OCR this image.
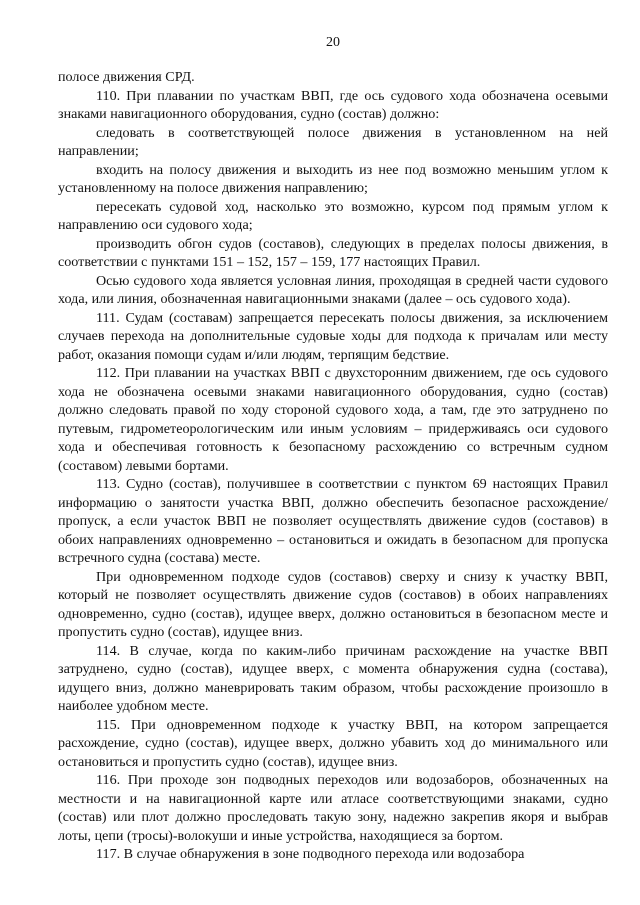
20

полосе движения СРД.

110. При плавании по участкам ВВП, где ось судового хода обозначена осевыми знаками навигационного оборудования, судно (состав) должно:

следовать в соответствующей полосе движения в установленном на ней направлении;

входить на полосу движения и выходить из нее под возможно меньшим углом к установленному на полосе движения направлению;

пересекать судовой ход, насколько это возможно, курсом под прямым углом к направлению оси судового хода;

производить обгон судов (составов), следующих в пределах полосы движения, в соответствии с пунктами 151 – 152, 157 – 159, 177 настоящих Правил.

Осью судового хода является условная линия, проходящая в средней части судового хода, или линия, обозначенная навигационными знаками (далее – ось судового хода).

111. Судам (составам) запрещается пересекать полосы движения, за исключением случаев перехода на дополнительные судовые ходы для подхода к причалам или месту работ, оказания помощи судам и/или людям, терпящим бедствие.

112. При плавании на участках ВВП с двухсторонним движением, где ось судового хода не обозначена осевыми знаками навигационного оборудования, судно (состав) должно следовать правой по ходу стороной судового хода, а там, где это затруднено по путевым, гидрометеорологическим или иным условиям – придерживаясь оси судового хода и обеспечивая готовность к безопасному расхождению со встречным судном (составом) левыми бортами.

113. Судно (состав), получившее в соответствии с пунктом 69 настоящих Правил информацию о занятости участка ВВП, должно обеспечить безопасное расхождение/пропуск, а если участок ВВП не позволяет осуществлять движение судов (составов) в обоих направлениях одновременно – остановиться и ожидать в безопасном для пропуска встречного судна (состава) месте.

При одновременном подходе судов (составов) сверху и снизу к участку ВВП, который не позволяет осуществлять движение судов (составов) в обоих направлениях одновременно, судно (состав), идущее вверх, должно остановиться в безопасном месте и пропустить судно (состав), идущее вниз.

114. В случае, когда по каким-либо причинам расхождение на участке ВВП затруднено, судно (состав), идущее вверх, с момента обнаружения судна (состава), идущего вниз, должно маневрировать таким образом, чтобы расхождение произошло в наиболее удобном месте.

115. При одновременном подходе к участку ВВП, на котором запрещается расхождение, судно (состав), идущее вверх, должно убавить ход до минимального или остановиться и пропустить судно (состав), идущее вниз.

116. При проходе зон подводных переходов или водозаборов, обозначенных на местности и на навигационной карте или атласе соответствующими знаками, судно (состав) или плот должно проследовать такую зону, надежно закрепив якоря и выбрав лоты, цепи (тросы)-волокуши и иные устройства, находящиеся за бортом.

117. В случае обнаружения в зоне подводного перехода или водозабора
